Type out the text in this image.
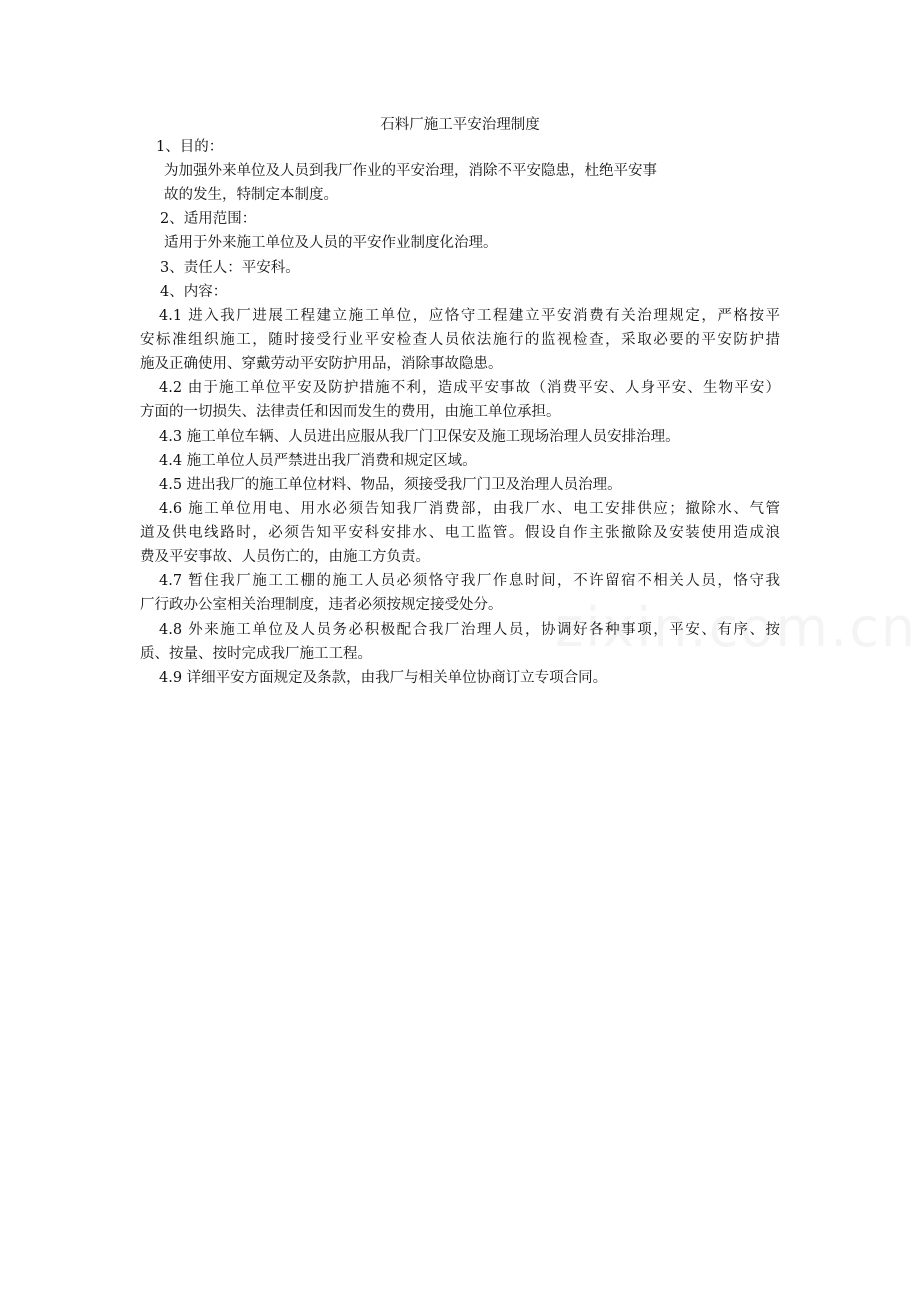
石料厂施工平安治理制度
1、目的：
为加强外来单位及人员到我厂作业的平安治理，消除不平安隐患，杜绝平安事
故的发生，特制定本制度。
2、适用范围：
适用于外来施工单位及人员的平安作业制度化治理。
3、责任人：平安科。
4、内容：
4.1 进入我厂进展工程建立施工单位，应恪守工程建立平安消费有关治理规定，严格按平
安标准组织施工，随时接受行业平安检查人员依法施行的监视检查，采取必要的平安防护措
施及正确使用、穿戴劳动平安防护用品，消除事故隐患。
4.2 由于施工单位平安及防护措施不利，造成平安事故（消费平安、人身平安、生物平安）
方面的一切损失、法律责任和因而发生的费用，由施工单位承担。
4.3 施工单位车辆、人员进出应服从我厂门卫保安及施工现场治理人员安排治理。
4.4 施工单位人员严禁进出我厂消费和规定区域。
4.5 进出我厂的施工单位材料、物品，须接受我厂门卫及治理人员治理。
4.6 施工单位用电、用水必须告知我厂消费部，由我厂水、电工安排供应；撤除水、气管
道及供电线路时，必须告知平安科安排水、电工监管。假设自作主张撤除及安装使用造成浪
费及平安事故、人员伤亡的，由施工方负责。
4.7 暂住我厂施工工棚的施工人员必须恪守我厂作息时间，不许留宿不相关人员，恪守我
厂行政办公室相关治理制度，违者必须按规定接受处分。
4.8 外来施工单位及人员务必积极配合我厂治理人员，协调好各种事项，平安、有序、按
质、按量、按时完成我厂施工工程。
4.9 详细平安方面规定及条款，由我厂与相关单位协商订立专项合同。
